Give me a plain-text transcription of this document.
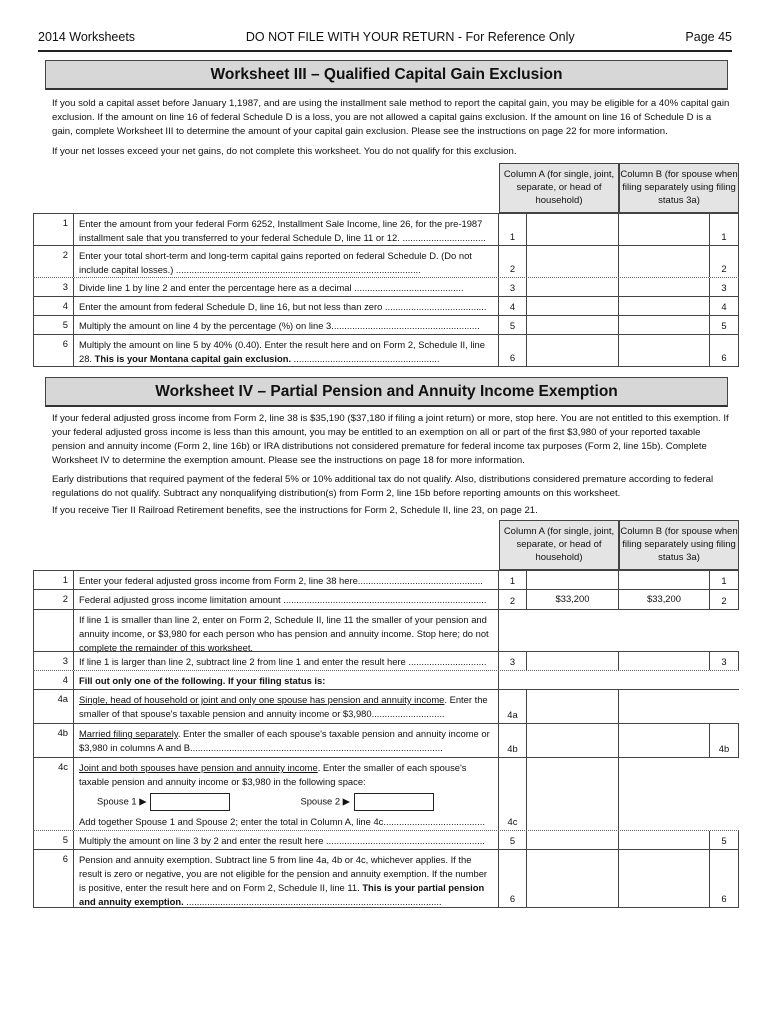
2014 Worksheets	DO NOT FILE WITH YOUR RETURN - For Reference Only	Page 45
Worksheet III – Qualified Capital Gain Exclusion
If you sold a capital asset before January 1,1987, and are using the installment sale method to report the capital gain, you may be eligible for a 40% capital gain exclusion. If the amount on line 16 of federal Schedule D is a loss, you are not allowed a capital gains exclusion. If the amount on line 16 of Schedule D is a gain, complete Worksheet III to determine the amount of your capital gain exclusion. Please see the instructions on page 22 for more information.
If your net losses exceed your net gains, do not complete this worksheet. You do not qualify for this exclusion.
Column A (for single, joint, separate, or head of household)
Column B (for spouse when filing separately using filing status 3a)
1	Enter the amount from your federal Form 6252, Installment Sale Income, line 26, for the pre-1987 installment sale that you transferred to your federal Schedule D, line 11 or 12. ................................	1	1
2	Enter your total short-term and long-term capital gains reported on federal Schedule D. (Do not include capital losses.) ..............................................................................................	2	2
3	Divide line 1 by line 2 and enter the percentage here as a decimal ..........................................	3	3
4	Enter the amount from federal Schedule D, line 16, but not less than zero .......................................	4	4
5	Multiply the amount on line 4 by the percentage (%) on line 3.........................................................	5	5
6	Multiply the amount on line 5 by 40% (0.40). Enter the result here and on Form 2, Schedule II, line 28. This is your Montana capital gain exclusion. ........................................................	6	6
Worksheet IV – Partial Pension and Annuity Income Exemption
If your federal adjusted gross income from Form 2, line 38 is $35,190 ($37,180 if filing a joint return) or more, stop here. You are not entitled to this exemption. If your federal adjusted gross income is less than this amount, you may be entitled to an exemption on all or part of the first $3,980 of your reported taxable pension and annuity income (Form 2, line 16b) or IRA distributions not considered premature for federal income tax purposes (Form 2, line 15b). Complete Worksheet IV to determine the exemption amount. Please see the instructions on page 18 for more information.
Early distributions that required payment of the federal 5% or 10% additional tax do not qualify. Also, distributions considered premature according to federal regulations do not qualify. Subtract any nonqualifying distribution(s) from Form 2, line 15b before reporting amounts on this worksheet.
If you receive Tier II Railroad Retirement benefits, see the instructions for Form 2, Schedule II, line 23, on page 21.
Column A (for single, joint, separate, or head of household)
Column B (for spouse when filing separately using filing status 3a)
1	Enter your federal adjusted gross income from Form 2, line 38 here................................................	1	1
2	Federal adjusted gross income limitation amount ..............................................................................	2	$33,200	$33,200	2
If line 1 is smaller than line 2, enter on Form 2, Schedule II, line 11 the smaller of your pension and annuity income, or $3,980 for each person who has pension and annuity income. Stop here; do not complete the remainder of this worksheet.
3	If line 1 is larger than line 2, subtract line 2 from line 1 and enter the result here ..............................	3	3
4	Fill out only one of the following. If your filing status is:
4a	Single, head of household or joint and only one spouse has pension and annuity income. Enter the smaller of that spouse's taxable pension and annuity income or $3,980............................	4a
4b	Married filing separately. Enter the smaller of each spouse's taxable pension and annuity income or $3,980 in columns A and B.................................................................................................	4b	4b
4c	Joint and both spouses have pension and annuity income. Enter the smaller of each spouse's taxable pension and annuity income or $3,980 in the following space:
Spouse 1 ▶	Spouse 2 ▶
Add together Spouse 1 and Spouse 2; enter the total in Column A, line 4c.......................................	4c
5	Multiply the amount on line 3 by 2 and enter the result here .............................................................	5	5
6	Pension and annuity exemption. Subtract line 5 from line 4a, 4b or 4c, whichever applies. If the result is zero or negative, you are not eligible for the pension and annuity exemption. If the number is positive, enter the result here and on Form 2, Schedule II, line 11. This is your partial pension and annuity exemption. ..................................................................................................	6	6
